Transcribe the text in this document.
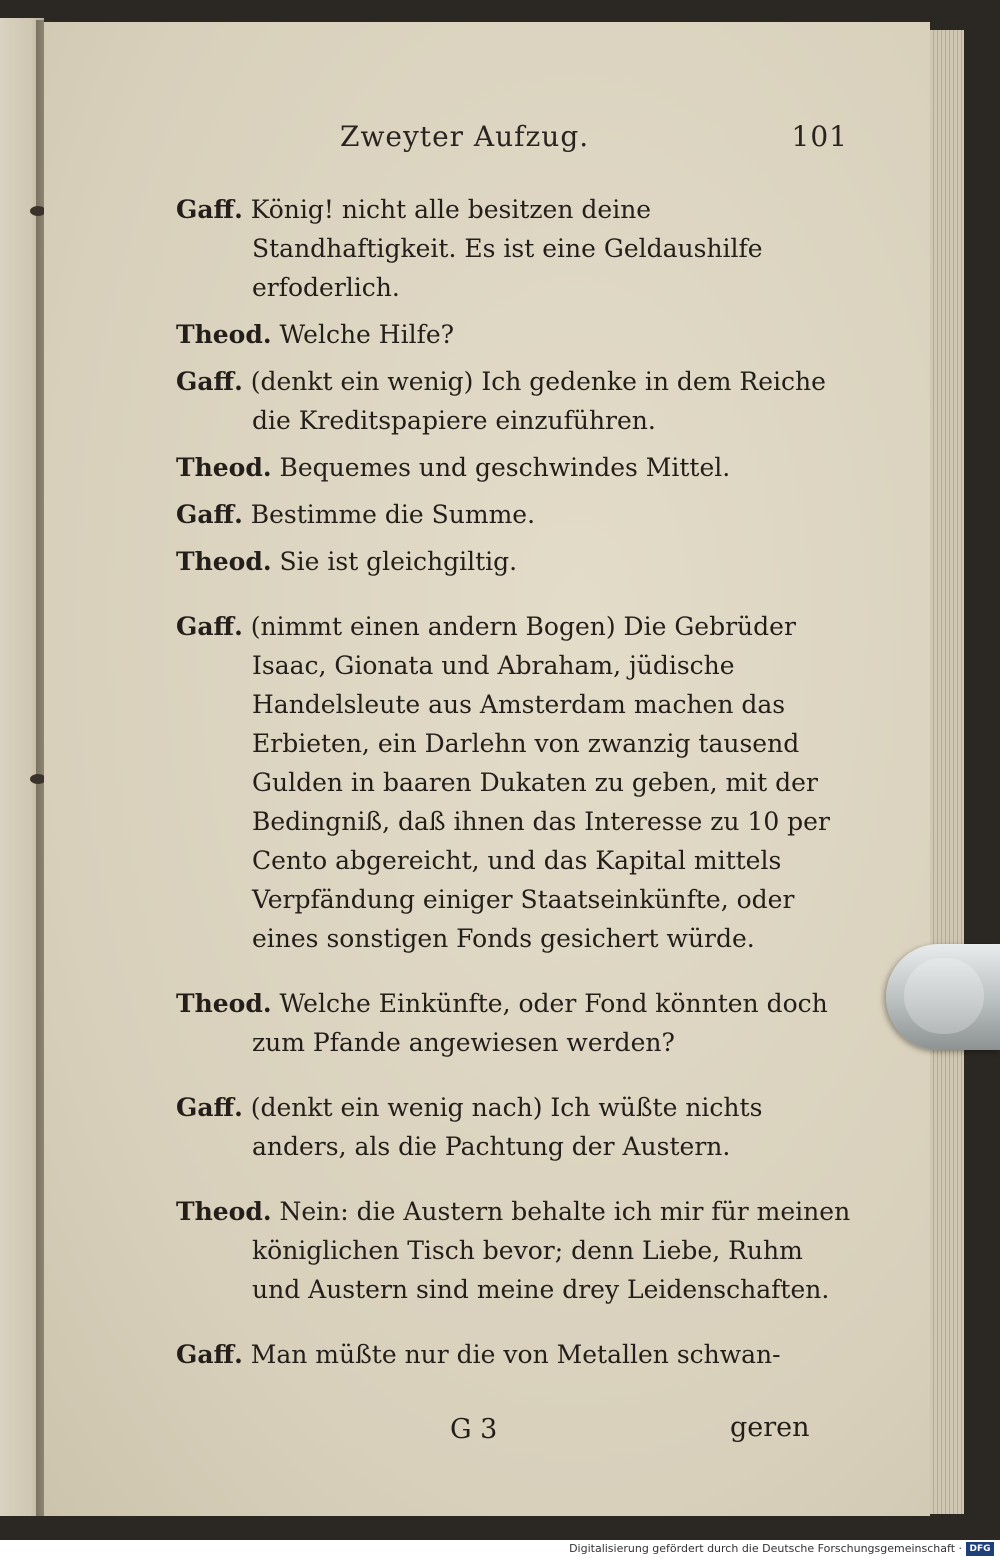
Zweyter Aufzug.	101

Gaff. König! nicht alle besitzen deine Standhaftigkeit. Es ist eine Geldaushilfe erfoderlich.

Theod. Welche Hilfe?

Gaff. (denkt ein wenig) Ich gedenke in dem Reiche die Kreditspapiere einzuführen.

Theod. Bequemes und geschwindes Mittel.

Gaff. Bestimme die Summe.

Theod. Sie ist gleichgiltig.

Gaff. (nimmt einen andern Bogen) Die Gebrüder Isaac, Gionata und Abraham, jüdische Handelsleute aus Amsterdam machen das Erbieten, ein Darlehn von zwanzig tausend Gulden in baaren Dukaten zu geben, mit der Bedingniß, daß ihnen das Interesse zu 10 per Cento abgereicht, und das Kapital mittels Verpfändung einiger Staatseinkünfte, oder eines sonstigen Fonds gesichert würde.

Theod. Welche Einkünfte, oder Fond könnten doch zum Pfande angewiesen werden?

Gaff. (denkt ein wenig nach) Ich wüßte nichts anders, als die Pachtung der Austern.

Theod. Nein: die Austern behalte ich mir für meinen königlichen Tisch bevor; denn Liebe, Ruhm und Austern sind meine drey Leidenschaften.

Gaff. Man müßte nur die von Metallen schwan-

G 3	geren
Digitalisierung gefördert durch die Deutsche Forschungsgemeinschaft · DFG
